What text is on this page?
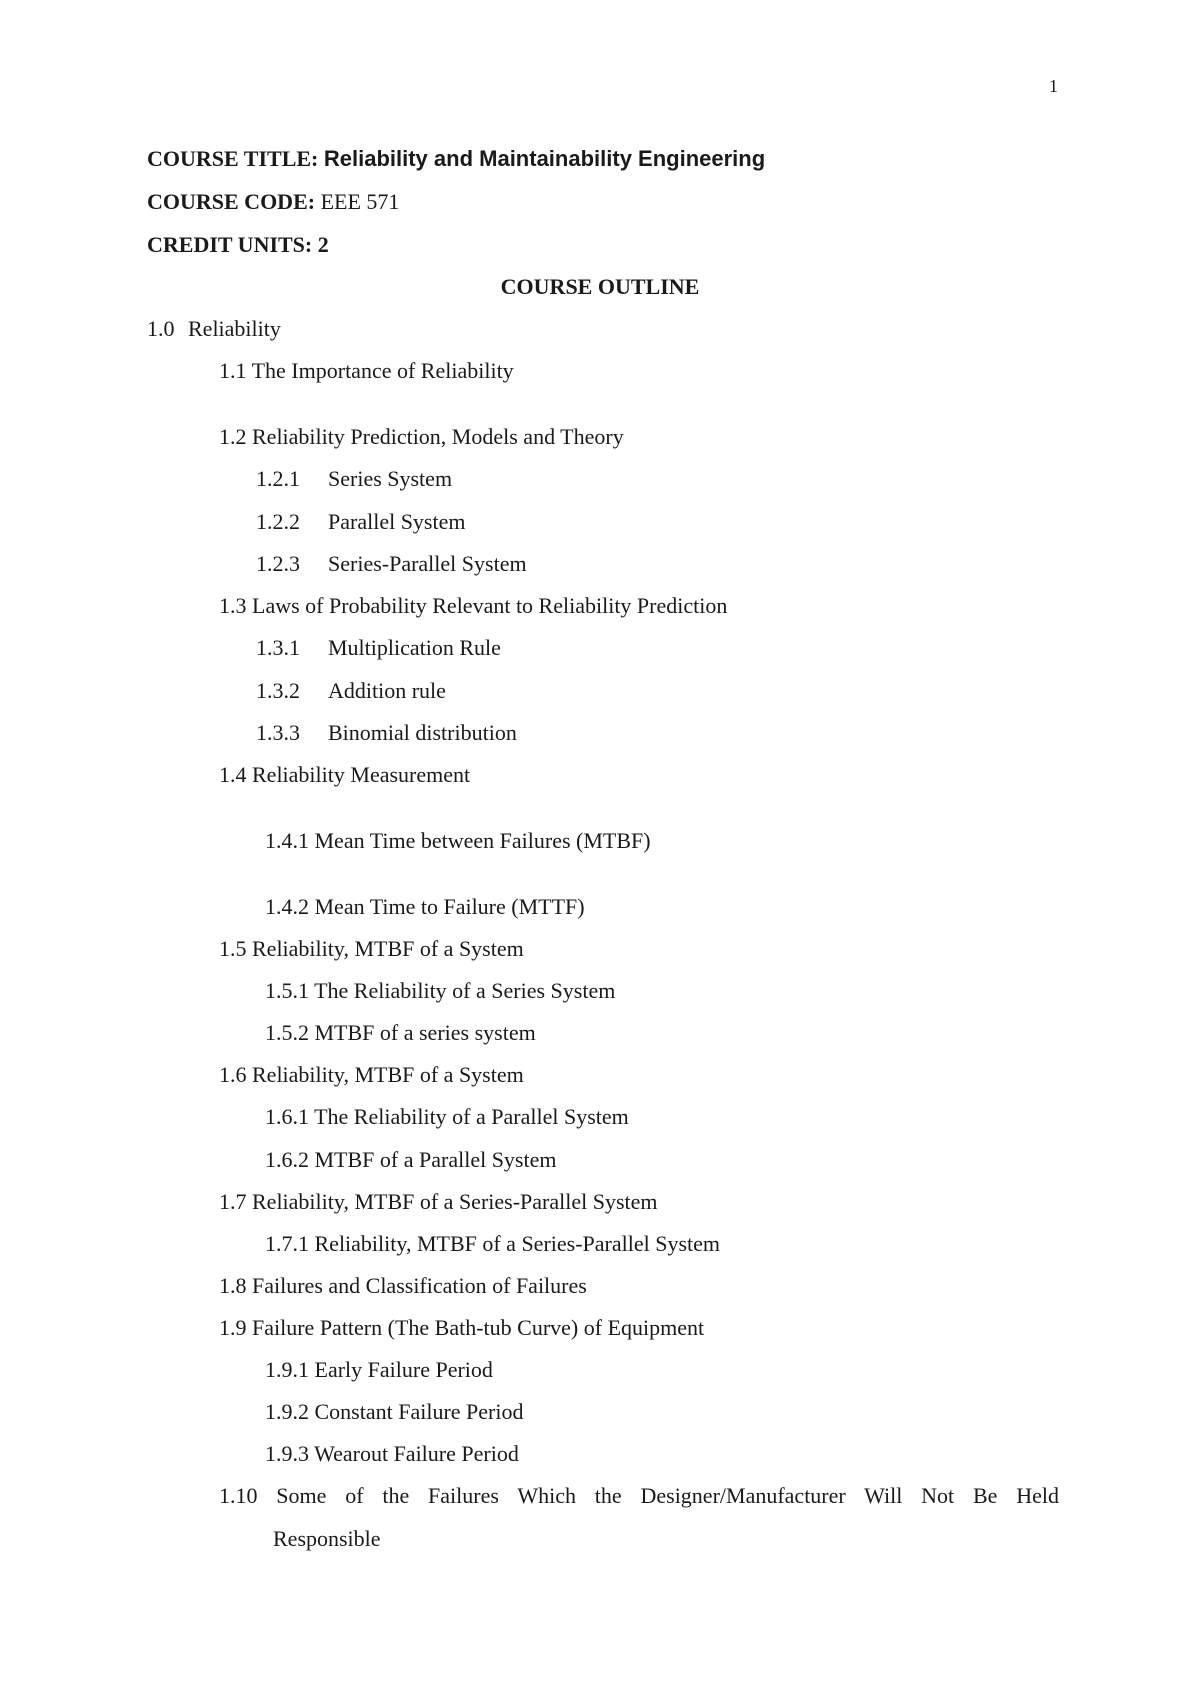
1
COURSE TITLE: Reliability and Maintainability Engineering
COURSE CODE: EEE 571
CREDIT UNITS: 2
COURSE OUTLINE
1.0 Reliability
1.1 The Importance of Reliability
1.2 Reliability Prediction, Models and Theory
1.2.1 Series System
1.2.2 Parallel System
1.2.3 Series-Parallel System
1.3 Laws of Probability Relevant to Reliability Prediction
1.3.1 Multiplication Rule
1.3.2 Addition rule
1.3.3 Binomial distribution
1.4 Reliability Measurement
1.4.1 Mean Time between Failures (MTBF)
1.4.2 Mean Time to Failure (MTTF)
1.5 Reliability, MTBF of a System
1.5.1 The Reliability of a Series System
1.5.2 MTBF of a series system
1.6 Reliability, MTBF of a System
1.6.1 The Reliability of a Parallel System
1.6.2 MTBF of a Parallel System
1.7 Reliability, MTBF of a Series-Parallel System
1.7.1 Reliability, MTBF of a Series-Parallel System
1.8 Failures and Classification of Failures
1.9 Failure Pattern (The Bath-tub Curve) of Equipment
1.9.1 Early Failure Period
1.9.2 Constant Failure Period
1.9.3 Wearout Failure Period
1.10 Some of the Failures Which the Designer/Manufacturer Will Not Be Held
Responsible
